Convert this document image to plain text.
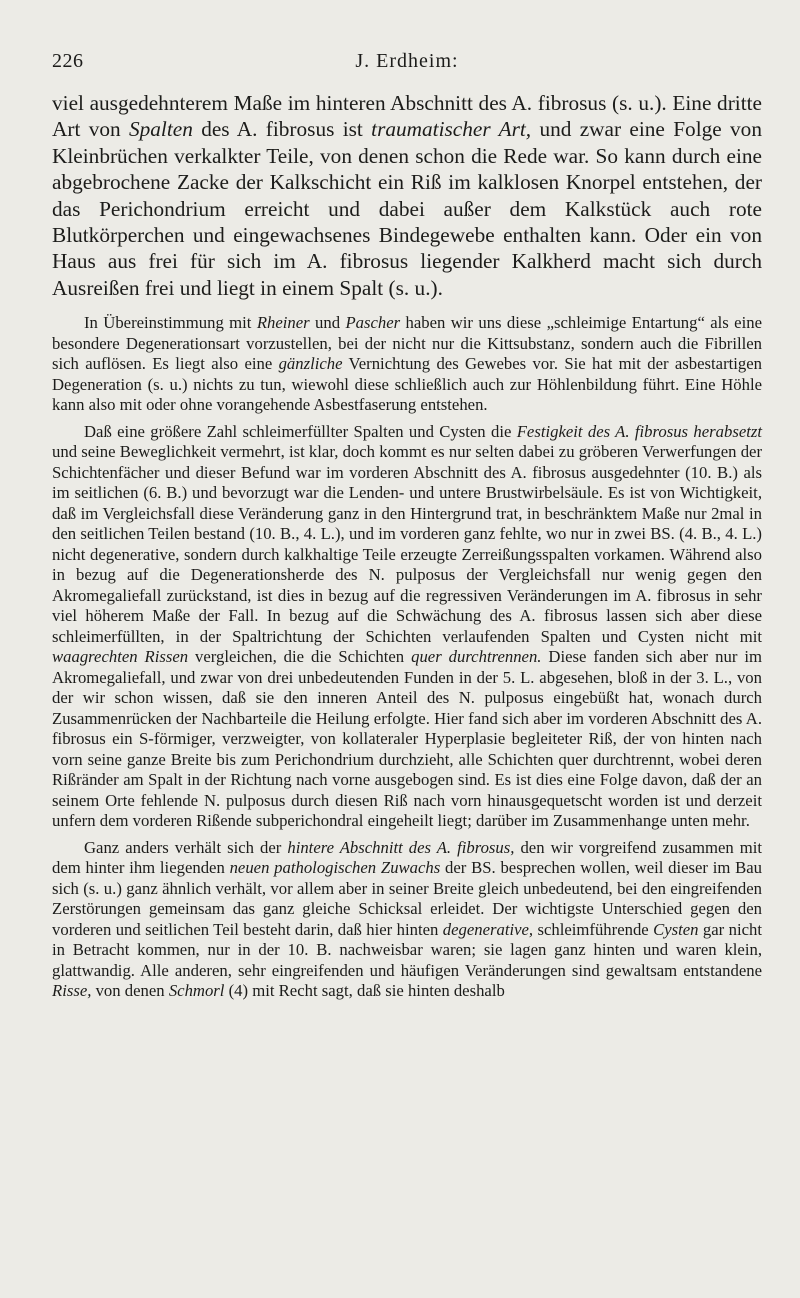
226	J. Erdheim:

viel ausgedehnterem Maße im hinteren Abschnitt des A. fibrosus (s. u.). Eine dritte Art von Spalten des A. fibrosus ist traumatischer Art, und zwar eine Folge von Kleinbrüchen verkalkter Teile, von denen schon die Rede war. So kann durch eine abgebrochene Zacke der Kalkschicht ein Riß im kalklosen Knorpel entstehen, der das Perichondrium erreicht und dabei außer dem Kalkstück auch rote Blutkörperchen und eingewachsenes Bindegewebe enthalten kann. Oder ein von Haus aus frei für sich im A. fibrosus liegender Kalkherd macht sich durch Ausreißen frei und liegt in einem Spalt (s. u.).

In Übereinstimmung mit Rheiner und Pascher haben wir uns diese „schleimige Entartung“ als eine besondere Degenerationsart vorzustellen, bei der nicht nur die Kittsubstanz, sondern auch die Fibrillen sich auflösen. Es liegt also eine gänzliche Vernichtung des Gewebes vor. Sie hat mit der asbestartigen Degeneration (s. u.) nichts zu tun, wiewohl diese schließlich auch zur Höhlenbildung führt. Eine Höhle kann also mit oder ohne vorangehende Asbestfaserung entstehen.

Daß eine größere Zahl schleimerfüllter Spalten und Cysten die Festigkeit des A. fibrosus herabsetzt und seine Beweglichkeit vermehrt, ist klar, doch kommt es nur selten dabei zu gröberen Verwerfungen der Schichtenfächer und dieser Befund war im vorderen Abschnitt des A. fibrosus ausgedehnter (10. B.) als im seitlichen (6. B.) und bevorzugt war die Lenden- und untere Brustwirbelsäule. Es ist von Wichtigkeit, daß im Vergleichsfall diese Veränderung ganz in den Hintergrund trat, in beschränktem Maße nur 2mal in den seitlichen Teilen bestand (10. B., 4. L.), und im vorderen ganz fehlte, wo nur in zwei BS. (4. B., 4. L.) nicht degenerative, sondern durch kalkhaltige Teile erzeugte Zerreißungsspalten vorkamen. Während also in bezug auf die Degenerationsherde des N. pulposus der Vergleichsfall nur wenig gegen den Akromegaliefall zurückstand, ist dies in bezug auf die regressiven Veränderungen im A. fibrosus in sehr viel höherem Maße der Fall. In bezug auf die Schwächung des A. fibrosus lassen sich aber diese schleimerfüllten, in der Spaltrichtung der Schichten verlaufenden Spalten und Cysten nicht mit waagrechten Rissen vergleichen, die die Schichten quer durchtrennen. Diese fanden sich aber nur im Akromegaliefall, und zwar von drei unbedeutenden Funden in der 5. L. abgesehen, bloß in der 3. L., von der wir schon wissen, daß sie den inneren Anteil des N. pulposus eingebüßt hat, wonach durch Zusammenrücken der Nachbarteile die Heilung erfolgte. Hier fand sich aber im vorderen Abschnitt des A. fibrosus ein S-förmiger, verzweigter, von kollateraler Hyperplasie begleiteter Riß, der von hinten nach vorn seine ganze Breite bis zum Perichondrium durchzieht, alle Schichten quer durchtrennt, wobei deren Rißränder am Spalt in der Richtung nach vorne ausgebogen sind. Es ist dies eine Folge davon, daß der an seinem Orte fehlende N. pulposus durch diesen Riß nach vorn hinausgequetscht worden ist und derzeit unfern dem vorderen Rißende subperichondral eingeheilt liegt; darüber im Zusammenhange unten mehr.

Ganz anders verhält sich der hintere Abschnitt des A. fibrosus, den wir vorgreifend zusammen mit dem hinter ihm liegenden neuen pathologischen Zuwachs der BS. besprechen wollen, weil dieser im Bau sich (s. u.) ganz ähnlich verhält, vor allem aber in seiner Breite gleich unbedeutend, bei den eingreifenden Zerstörungen gemeinsam das ganz gleiche Schicksal erleidet. Der wichtigste Unterschied gegen den vorderen und seitlichen Teil besteht darin, daß hier hinten degenerative, schleimführende Cysten gar nicht in Betracht kommen, nur in der 10. B. nachweisbar waren; sie lagen ganz hinten und waren klein, glattwandig. Alle anderen, sehr eingreifenden und häufigen Veränderungen sind gewaltsam entstandene Risse, von denen Schmorl (4) mit Recht sagt, daß sie hinten deshalb
